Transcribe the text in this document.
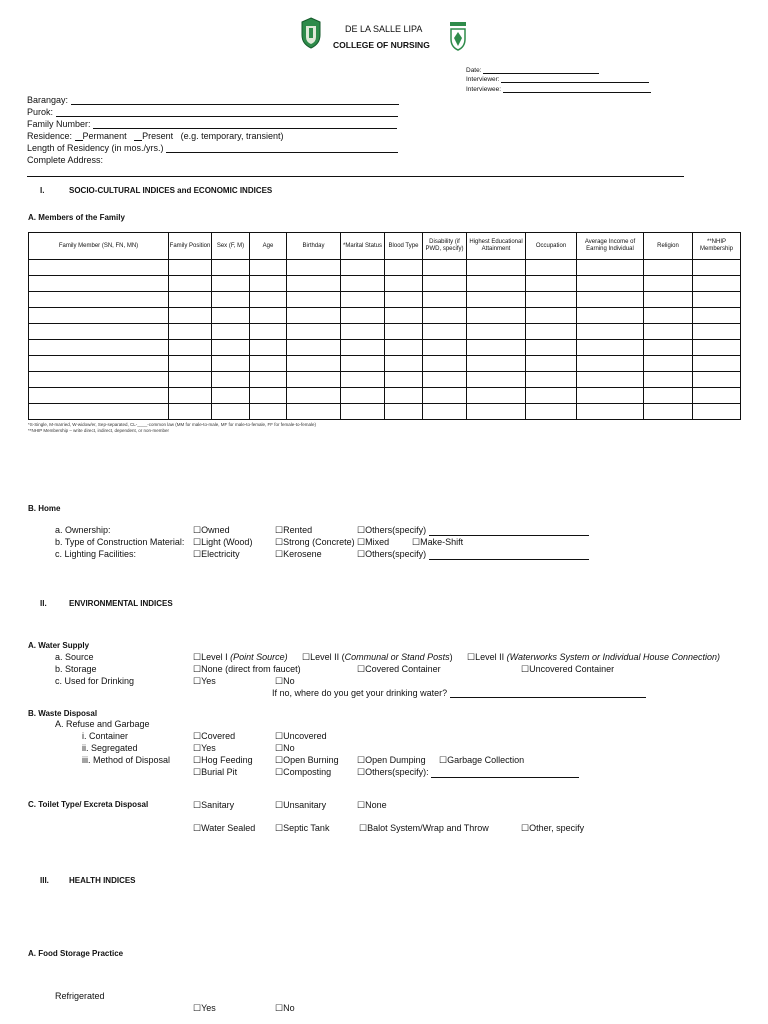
DE LA SALLE LIPA
COLLEGE OF NURSING
Date:
Interviewer:
Interviewee:
Barangay:
Purok:
Family Number:
Residence: Permanent Present (e.g. temporary, transient)
Length of Residency (in mos./yrs.)
Complete Address:
I.	SOCIO-CULTURAL INDICES and ECONOMIC INDICES
A. Members of the Family
Family Member (SN, FN, MN)	Family Position	Sex (F, M)	Age	Birthday	*Marital Status	Blood Type	Disability (if PWD, specify)	Highest Educational Attainment	Occupation	Average Income of Earning Individual	Religion	**NHIP Membership

*S-Single, M-married, W-widow/er, Sep-separated, CL-____-common law (MM for male-to-male, MF for male-to-female, FF for female-to-female)
**NHIP Membership – write direct, indirect, dependent, or non-member
B. Home
a. Ownership:	☐ Owned	☐ Rented	☐ Others(specify)
b. Type of Construction Material:	☐ Light (Wood)	☐ Strong (Concrete)	☐ Mixed	☐ Make-Shift
c. Lighting Facilities:	☐ Electricity	☐ Kerosene	☐ Others(specify)
II.	ENVIRONMENTAL INDICES
A. Water Supply
a. Source	☐ Level I (Point Source)	☐ Level II (Communal or Stand Posts)	☐ Level II (Waterworks System or Individual House Connection)
b. Storage	☐ None (direct from faucet)	☐ Covered Container	☐ Uncovered Container
c. Used for Drinking	☐ Yes	☐ No
If no, where do you get your drinking water?
B. Waste Disposal
A. Refuse and Garbage
i. Container	☐ Covered	☐ Uncovered
ii. Segregated	☐ Yes	☐ No
iii. Method of Disposal	☐ Hog Feeding	☐ Open Burning	☐ Open Dumping	☐ Garbage Collection
☐ Burial Pit	☐ Composting	☐ Others(specify):
C. Toilet Type/ Excreta Disposal	☐ Sanitary	☐ Unsanitary	☐ None
☐ Water Sealed	☐ Septic Tank	☐ Balot System/Wrap and Throw	☐ Other, specify
III.	HEALTH INDICES
A. Food Storage Practice
Refrigerated
☐ Yes	☐ No
